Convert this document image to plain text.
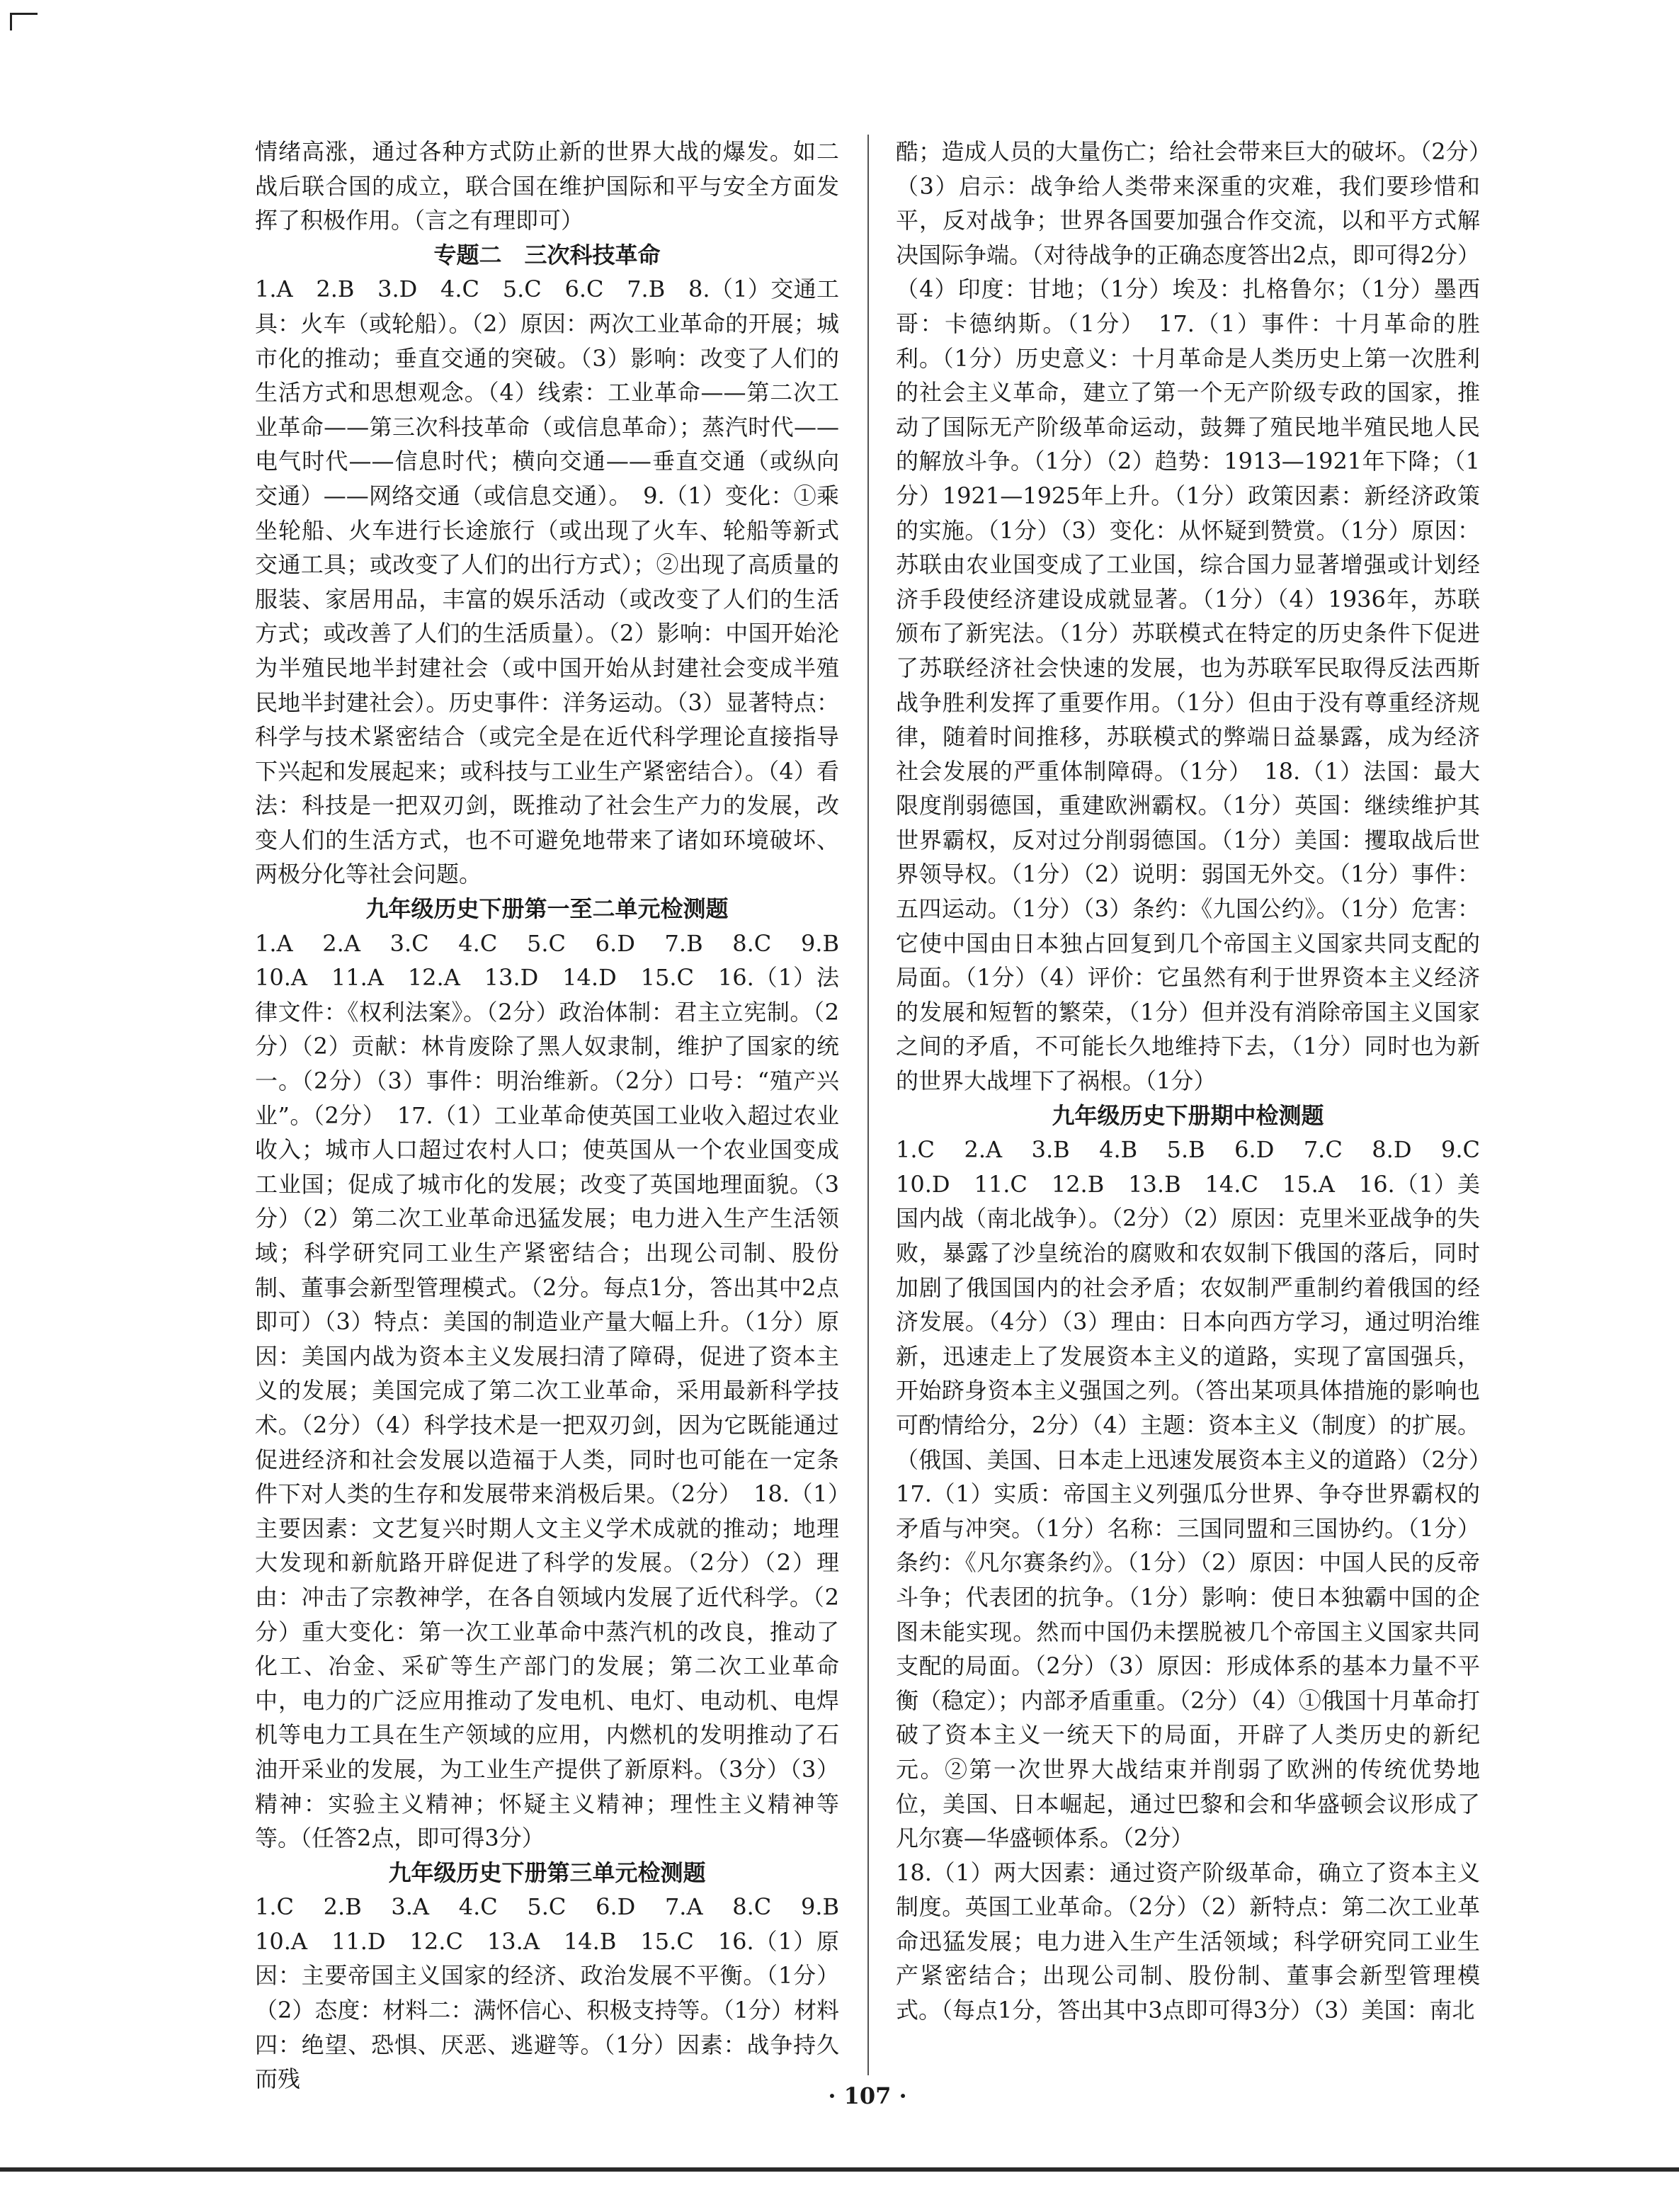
情绪高涨，通过各种方式防止新的世界大战的爆发。如二战后联合国的成立，联合国在维护国际和平与安全方面发挥了积极作用。（言之有理即可）

专题二　三次科技革命

1.A　2.B　3.D　4.C　5.C　6.C　7.B　8.（1）交通工具：火车（或轮船）。（2）原因：两次工业革命的开展；城市化的推动；垂直交通的突破。（3）影响：改变了人们的生活方式和思想观念。（4）线索：工业革命——第二次工业革命——第三次科技革命（或信息革命）；蒸汽时代——电气时代——信息时代；横向交通——垂直交通（或纵向交通）——网络交通（或信息交通）。　9.（1）变化：①乘坐轮船、火车进行长途旅行（或出现了火车、轮船等新式交通工具；或改变了人们的出行方式）；②出现了高质量的服装、家居用品，丰富的娱乐活动（或改变了人们的生活方式；或改善了人们的生活质量）。（2）影响：中国开始沦为半殖民地半封建社会（或中国开始从封建社会变成半殖民地半封建社会）。历史事件：洋务运动。（3）显著特点：科学与技术紧密结合（或完全是在近代科学理论直接指导下兴起和发展起来；或科技与工业生产紧密结合）。（4）看法：科技是一把双刃剑，既推动了社会生产力的发展，改变人们的生活方式，也不可避免地带来了诸如环境破坏、两极分化等社会问题。

九年级历史下册第一至二单元检测题

1.A　2.A　3.C　4.C　5.C　6.D　7.B　8.C　9.B　10.A　11.A　12.A　13.D　14.D　15.C　16.（1）法律文件：《权利法案》。（2分）政治体制：君主立宪制。（2分）（2）贡献：林肯废除了黑人奴隶制，维护了国家的统一。（2分）（3）事件：明治维新。（2分）口号：“殖产兴业”。（2分）　17.（1）工业革命使英国工业收入超过农业收入；城市人口超过农村人口；使英国从一个农业国变成工业国；促成了城市化的发展；改变了英国地理面貌。（3分）（2）第二次工业革命迅猛发展；电力进入生产生活领域；科学研究同工业生产紧密结合；出现公司制、股份制、董事会新型管理模式。（2分。每点1分，答出其中2点即可）（3）特点：美国的制造业产量大幅上升。（1分）原因：美国内战为资本主义发展扫清了障碍，促进了资本主义的发展；美国完成了第二次工业革命，采用最新科学技术。（2分）（4）科学技术是一把双刃剑，因为它既能通过促进经济和社会发展以造福于人类，同时也可能在一定条件下对人类的生存和发展带来消极后果。（2分）　18.（1）主要因素：文艺复兴时期人文主义学术成就的推动；地理大发现和新航路开辟促进了科学的发展。（2分）（2）理由：冲击了宗教神学，在各自领域内发展了近代科学。（2分）重大变化：第一次工业革命中蒸汽机的改良，推动了化工、冶金、采矿等生产部门的发展；第二次工业革命中，电力的广泛应用推动了发电机、电灯、电动机、电焊机等电力工具在生产领域的应用，内燃机的发明推动了石油开采业的发展，为工业生产提供了新原料。（3分）（3）精神：实验主义精神；怀疑主义精神；理性主义精神等等。（任答2点，即可得3分）

九年级历史下册第三单元检测题

1.C　2.B　3.A　4.C　5.C　6.D　7.A　8.C　9.B　10.A　11.D　12.C　13.A　14.B　15.C　16.（1）原因：主要帝国主义国家的经济、政治发展不平衡。（1分）（2）态度：材料二：满怀信心、积极支持等。（1分）材料四：绝望、恐惧、厌恶、逃避等。（1分）因素：战争持久而残

酷；造成人员的大量伤亡；给社会带来巨大的破坏。（2分）（3）启示：战争给人类带来深重的灾难，我们要珍惜和平，反对战争；世界各国要加强合作交流，以和平方式解决国际争端。（对待战争的正确态度答出2点，即可得2分）（4）印度：甘地；（1分）埃及：扎格鲁尔；（1分）墨西哥：卡德纳斯。（1分）　17.（1）事件：十月革命的胜利。（1分）历史意义：十月革命是人类历史上第一次胜利的社会主义革命，建立了第一个无产阶级专政的国家，推动了国际无产阶级革命运动，鼓舞了殖民地半殖民地人民的解放斗争。（1分）（2）趋势：1913—1921年下降；（1分）1921—1925年上升。（1分）政策因素：新经济政策的实施。（1分）（3）变化：从怀疑到赞赏。（1分）原因：苏联由农业国变成了工业国，综合国力显著增强或计划经济手段使经济建设成就显著。（1分）（4）1936年，苏联颁布了新宪法。（1分）苏联模式在特定的历史条件下促进了苏联经济社会快速的发展，也为苏联军民取得反法西斯战争胜利发挥了重要作用。（1分）但由于没有尊重经济规律，随着时间推移，苏联模式的弊端日益暴露，成为经济社会发展的严重体制障碍。（1分）　18.（1）法国：最大限度削弱德国，重建欧洲霸权。（1分）英国：继续维护其世界霸权，反对过分削弱德国。（1分）美国：攫取战后世界领导权。（1分）（2）说明：弱国无外交。（1分）事件：五四运动。（1分）（3）条约：《九国公约》。（1分）危害：它使中国由日本独占回复到几个帝国主义国家共同支配的局面。（1分）（4）评价：它虽然有利于世界资本主义经济的发展和短暂的繁荣，（1分）但并没有消除帝国主义国家之间的矛盾，不可能长久地维持下去，（1分）同时也为新的世界大战埋下了祸根。（1分）

九年级历史下册期中检测题

1.C　2.A　3.B　4.B　5.B　6.D　7.C　8.D　9.C　10.D　11.C　12.B　13.B　14.C　15.A　16.（1）美国内战（南北战争）。（2分）（2）原因：克里米亚战争的失败，暴露了沙皇统治的腐败和农奴制下俄国的落后，同时加剧了俄国国内的社会矛盾；农奴制严重制约着俄国的经济发展。（4分）（3）理由：日本向西方学习，通过明治维新，迅速走上了发展资本主义的道路，实现了富国强兵，开始跻身资本主义强国之列。（答出某项具体措施的影响也可酌情给分，2分）（4）主题：资本主义（制度）的扩展。（俄国、美国、日本走上迅速发展资本主义的道路）（2分）　17.（1）实质：帝国主义列强瓜分世界、争夺世界霸权的矛盾与冲突。（1分）名称：三国同盟和三国协约。（1分）条约：《凡尔赛条约》。（1分）（2）原因：中国人民的反帝斗争；代表团的抗争。（1分）影响：使日本独霸中国的企图未能实现。然而中国仍未摆脱被几个帝国主义国家共同支配的局面。（2分）（3）原因：形成体系的基本力量不平衡（稳定）；内部矛盾重重。（2分）（4）①俄国十月革命打破了资本主义一统天下的局面，开辟了人类历史的新纪元。②第一次世界大战结束并削弱了欧洲的传统优势地位，美国、日本崛起，通过巴黎和会和华盛顿会议形成了凡尔赛—华盛顿体系。（2分）

18.（1）两大因素：通过资产阶级革命，确立了资本主义制度。英国工业革命。（2分）（2）新特点：第二次工业革命迅猛发展；电力进入生产生活领域；科学研究同工业生产紧密结合；出现公司制、股份制、董事会新型管理模式。（每点1分，答出其中3点即可得3分）（3）美国：南北

· 107 ·
